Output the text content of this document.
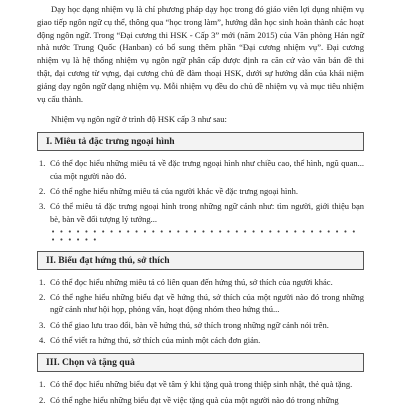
Dạy học dạng nhiệm vụ là chỉ phương pháp dạy học trong đó giáo viên lợi dụng nhiệm vụ giao tiếp ngôn ngữ cụ thể, thông qua “học trong làm”, hướng dẫn học sinh hoàn thành các hoạt động ngôn ngữ. Trong “Đại cương thi HSK - Cấp 3” mới (năm 2015) của Văn phòng Hán ngữ nhà nước Trung Quốc (Hanban) có bổ sung thêm phần “Đại cương nhiệm vụ”. Đại cương nhiệm vụ là hệ thống nhiệm vụ ngôn ngữ phân cấp được định ra căn cứ vào văn bản đề thi thật, đại cương từ vựng, đại cương chủ đề đàm thoại HSK, dưới sự hướng dẫn của khái niệm giảng dạy ngôn ngữ dạng nhiệm vụ. Mỗi nhiệm vụ đều do chủ đề nhiệm vụ và mục tiêu nhiệm vụ cấu thành.

Nhiệm vụ ngôn ngữ ở trình độ HSK cấp 3 như sau:
I. Miêu tả đặc trưng ngoại hình
1. Có thể đọc hiểu những miêu tả về đặc trưng ngoại hình như chiều cao, thể hình, ngũ quan... của một người nào đó.
2. Có thể nghe hiểu những miêu tả của người khác về đặc trưng ngoại hình.
3. Có thể miêu tả đặc trưng ngoại hình trong những ngữ cảnh như: tìm người, giới thiệu bạn bè, bàn về đối tượng lý tưởng...
• • • • • • • • • • • • • • • • • • • • • • • • • • • • • • • • • • • • • • • • • • •
II. Biểu đạt hứng thú, sở thích
1. Có thể đọc hiểu những miêu tả có liên quan đến hứng thú, sở thích của người khác.
2. Có thể nghe hiểu những biểu đạt về hứng thú, sở thích của một người nào đó trong những ngữ cảnh như hội họp, phỏng vấn, hoạt động nhóm theo hứng thú...
3. Có thể giao lưu trao đổi, bàn về hứng thú, sở thích trong những ngữ cảnh nói trên.
4. Có thể viết ra hứng thú, sở thích của mình một cách đơn giản.
III. Chọn và tặng quà
1. Có thể đọc hiểu những biểu đạt về tâm ý khi tặng quà trong thiệp sinh nhật, thẻ quà tặng.
2. Có thể nghe hiểu những biểu đạt về việc tặng quà của một người nào đó trong những
